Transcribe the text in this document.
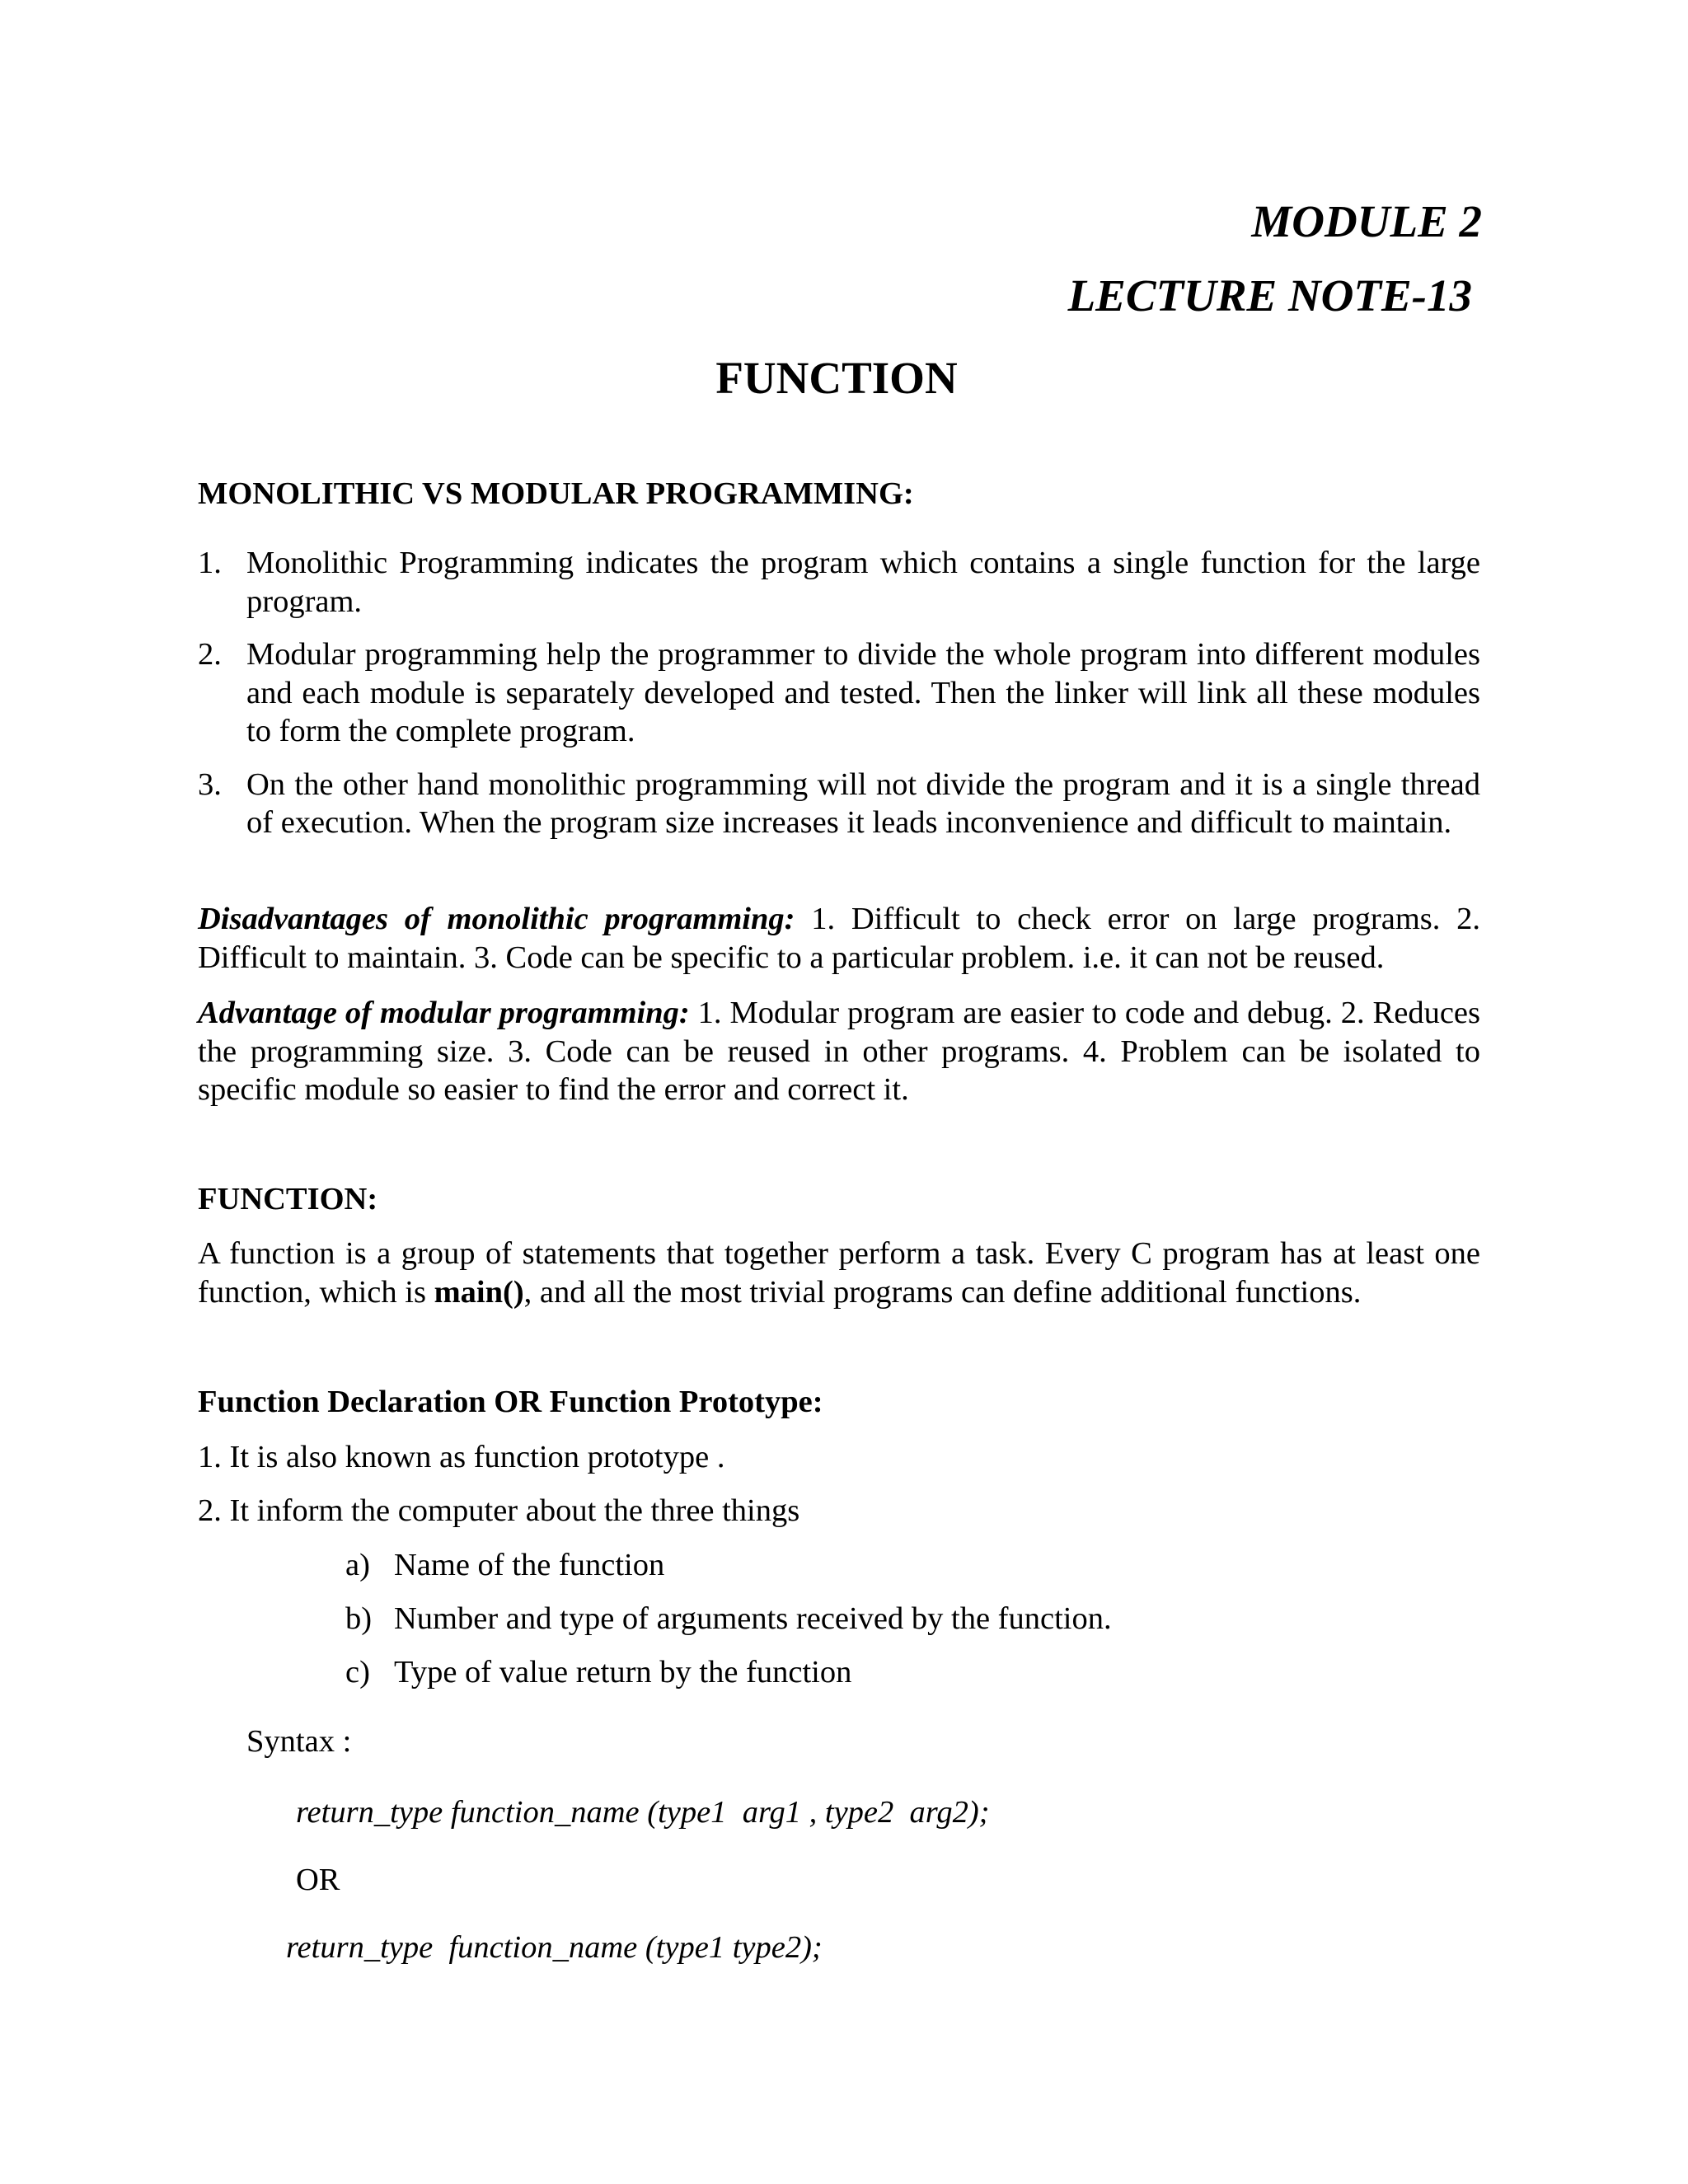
MODULE 2
LECTURE NOTE-13
FUNCTION
MONOLITHIC VS MODULAR PROGRAMMING:
1. Monolithic Programming indicates the program which contains a single function for the large program.
2. Modular programming help the programmer to divide the whole program into different modules and each module is separately developed and tested. Then the linker will link all these modules to form the complete program.
3. On the other hand monolithic programming will not divide the program and it is a single thread of execution. When the program size increases it leads inconvenience and difficult to maintain.

Disadvantages of monolithic programming: 1. Difficult to check error on large programs. 2. Difficult to maintain. 3. Code can be specific to a particular problem. i.e. it can not be reused.

Advantage of modular programming: 1. Modular program are easier to code and debug. 2. Reduces the programming size. 3. Code can be reused in other programs. 4. Problem can be isolated to specific module so easier to find the error and correct it.

FUNCTION:

A function is a group of statements that together perform a task. Every C program has at least one function, which is main(), and all the most trivial programs can define additional functions.

Function Declaration OR Function Prototype:

1. It is also known as function prototype .

2. It inform the computer about the three things

a) Name of the function

b) Number and type of arguments received by the function.

c) Type of value return by the function

Syntax :
return_type function_name (type1  arg1 , type2  arg2);
OR
return_type  function_name (type1 type2);
